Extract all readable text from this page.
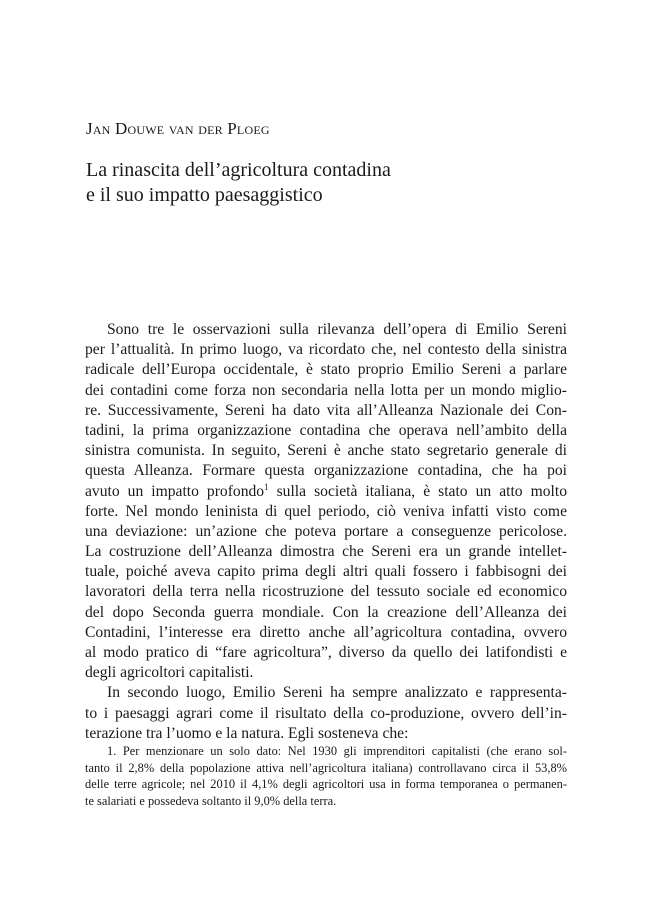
Jan Douwe van der Ploeg
La rinascita dell’agricoltura contadina
e il suo impatto paesaggistico
Sono tre le osservazioni sulla rilevanza dell’opera di Emilio Sereni
per l’attualità. In primo luogo, va ricordato che, nel contesto della sinistra
radicale dell’Europa occidentale, è stato proprio Emilio Sereni a parlare
dei contadini come forza non secondaria nella lotta per un mondo miglio-
re. Successivamente, Sereni ha dato vita all’Alleanza Nazionale dei Con-
tadini, la prima organizzazione contadina che operava nell’ambito della
sinistra comunista. In seguito, Sereni è anche stato segretario generale di
questa Alleanza. Formare questa organizzazione contadina, che ha poi
avuto un impatto profondo$^1$ sulla società italiana, è stato un atto molto
forte. Nel mondo leninista di quel periodo, ciò veniva infatti visto come
una deviazione: un’azione che poteva portare a conseguenze pericolose.
La costruzione dell’Alleanza dimostra che Sereni era un grande intellet-
tuale, poiché aveva capito prima degli altri quali fossero i fabbisogni dei
lavoratori della terra nella ricostruzione del tessuto sociale ed economico
del dopo Seconda guerra mondiale. Con la creazione dell’Alleanza dei
Contadini, l’interesse era diretto anche all’agricoltura contadina, ovvero
al modo pratico di “fare agricoltura”, diverso da quello dei latifondisti e
degli agricoltori capitalisti.
In secondo luogo, Emilio Sereni ha sempre analizzato e rappresenta-
to i paesaggi agrari come il risultato della co-produzione, ovvero dell’in-
terazione tra l’uomo e la natura. Egli sosteneva che:
1. Per menzionare un solo dato: Nel 1930 gli imprenditori capitalisti (che erano sol-
tanto il 2,8% della popolazione attiva nell’agricoltura italiana) controllavano circa il 53,8%
delle terre agricole; nel 2010 il 4,1% degli agricoltori usa in forma temporanea o permanen-
te salariati e possedeva soltanto il 9,0% della terra.
